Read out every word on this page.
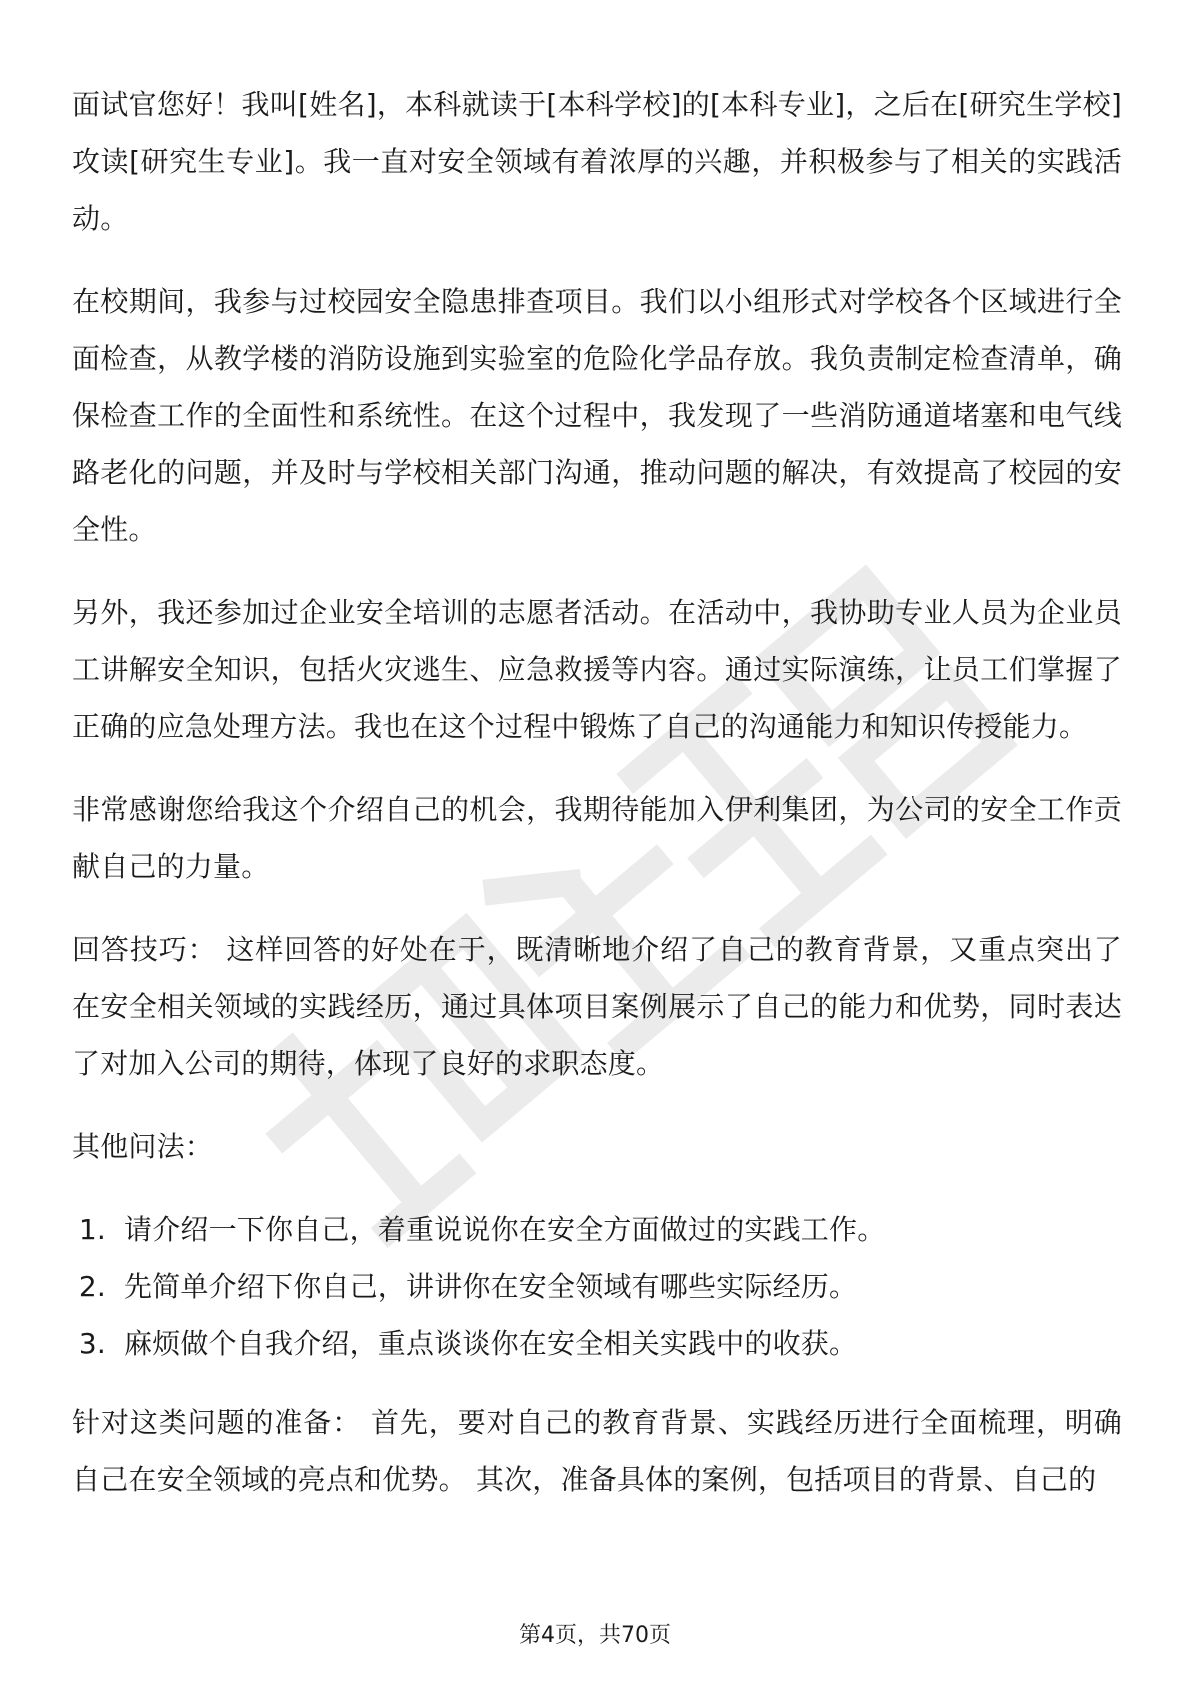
面试官您好！我叫[姓名]，本科就读于[本科学校]的[本科专业]，之后在[研究生学校]攻读[研究生专业]。我一直对安全领域有着浓厚的兴趣，并积极参与了相关的实践活动。

在校期间，我参与过校园安全隐患排查项目。我们以小组形式对学校各个区域进行全面检查，从教学楼的消防设施到实验室的危险化学品存放。我负责制定检查清单，确保检查工作的全面性和系统性。在这个过程中，我发现了一些消防通道堵塞和电气线路老化的问题，并及时与学校相关部门沟通，推动问题的解决，有效提高了校园的安全性。

另外，我还参加过企业安全培训的志愿者活动。在活动中，我协助专业人员为企业员工讲解安全知识，包括火灾逃生、应急救援等内容。通过实际演练，让员工们掌握了正确的应急处理方法。我也在这个过程中锻炼了自己的沟通能力和知识传授能力。

非常感谢您给我这个介绍自己的机会，我期待能加入伊利集团，为公司的安全工作贡献自己的力量。

回答技巧： 这样回答的好处在于，既清晰地介绍了自己的教育背景，又重点突出了在安全相关领域的实践经历，通过具体项目案例展示了自己的能力和优势，同时表达了对加入公司的期待，体现了良好的求职态度。

其他问法：

1. 请介绍一下你自己，着重说说你在安全方面做过的实践工作。
2. 先简单介绍下你自己，讲讲你在安全领域有哪些实际经历。
3. 麻烦做个自我介绍，重点谈谈你在安全相关实践中的收获。

针对这类问题的准备： 首先，要对自己的教育背景、实践经历进行全面梳理，明确自己在安全领域的亮点和优势。 其次，准备具体的案例，包括项目的背景、自己的

第4页，共70页
